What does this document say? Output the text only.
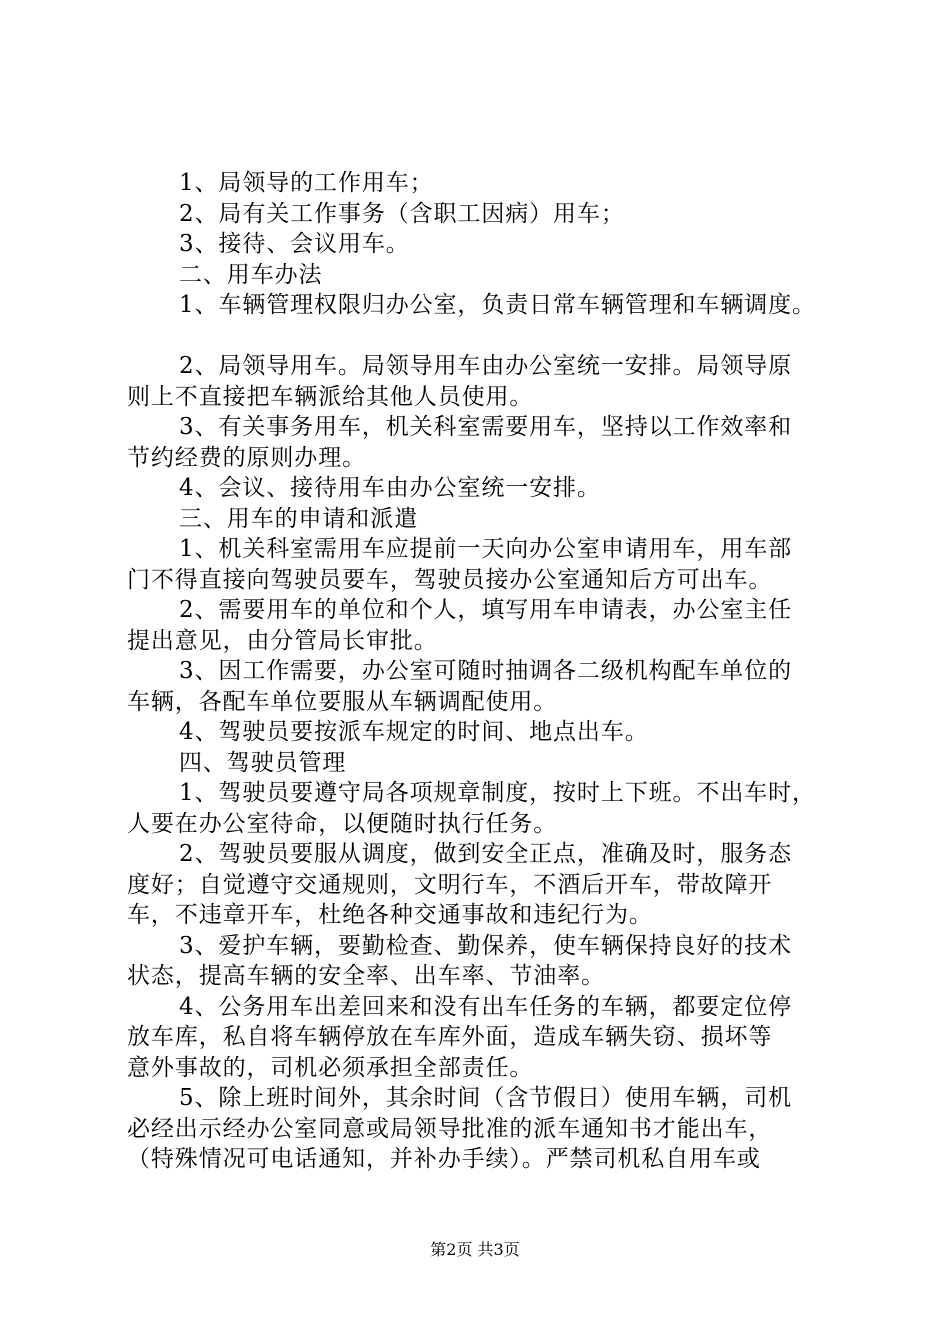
1、局领导的工作用车；
2、局有关工作事务（含职工因病）用车；
3、接待、会议用车。
二、用车办法
1、车辆管理权限归办公室，负责日常车辆管理和车辆调度。
2、局领导用车。局领导用车由办公室统一安排。局领导原
则上不直接把车辆派给其他人员使用。
3、有关事务用车，机关科室需要用车，坚持以工作效率和
节约经费的原则办理。
4、会议、接待用车由办公室统一安排。
三、用车的申请和派遣
1、机关科室需用车应提前一天向办公室申请用车，用车部
门不得直接向驾驶员要车，驾驶员接办公室通知后方可出车。
2、需要用车的单位和个人，填写用车申请表，办公室主任
提出意见，由分管局长审批。
3、因工作需要，办公室可随时抽调各二级机构配车单位的
车辆，各配车单位要服从车辆调配使用。
4、驾驶员要按派车规定的时间、地点出车。
四、驾驶员管理
1、驾驶员要遵守局各项规章制度，按时上下班。不出车时，
人要在办公室待命，以便随时执行任务。
2、驾驶员要服从调度，做到安全正点，准确及时，服务态
度好；自觉遵守交通规则，文明行车，不酒后开车，带故障开
车，不违章开车，杜绝各种交通事故和违纪行为。
3、爱护车辆，要勤检查、勤保养，使车辆保持良好的技术
状态，提高车辆的安全率、出车率、节油率。
4、公务用车出差回来和没有出车任务的车辆，都要定位停
放车库，私自将车辆停放在车库外面，造成车辆失窃、损坏等
意外事故的，司机必须承担全部责任。
5、除上班时间外，其余时间（含节假日）使用车辆，司机
必经出示经办公室同意或局领导批准的派车通知书才能出车，
（特殊情况可电话通知，并补办手续）。严禁司机私自用车或
第2页 共3页
